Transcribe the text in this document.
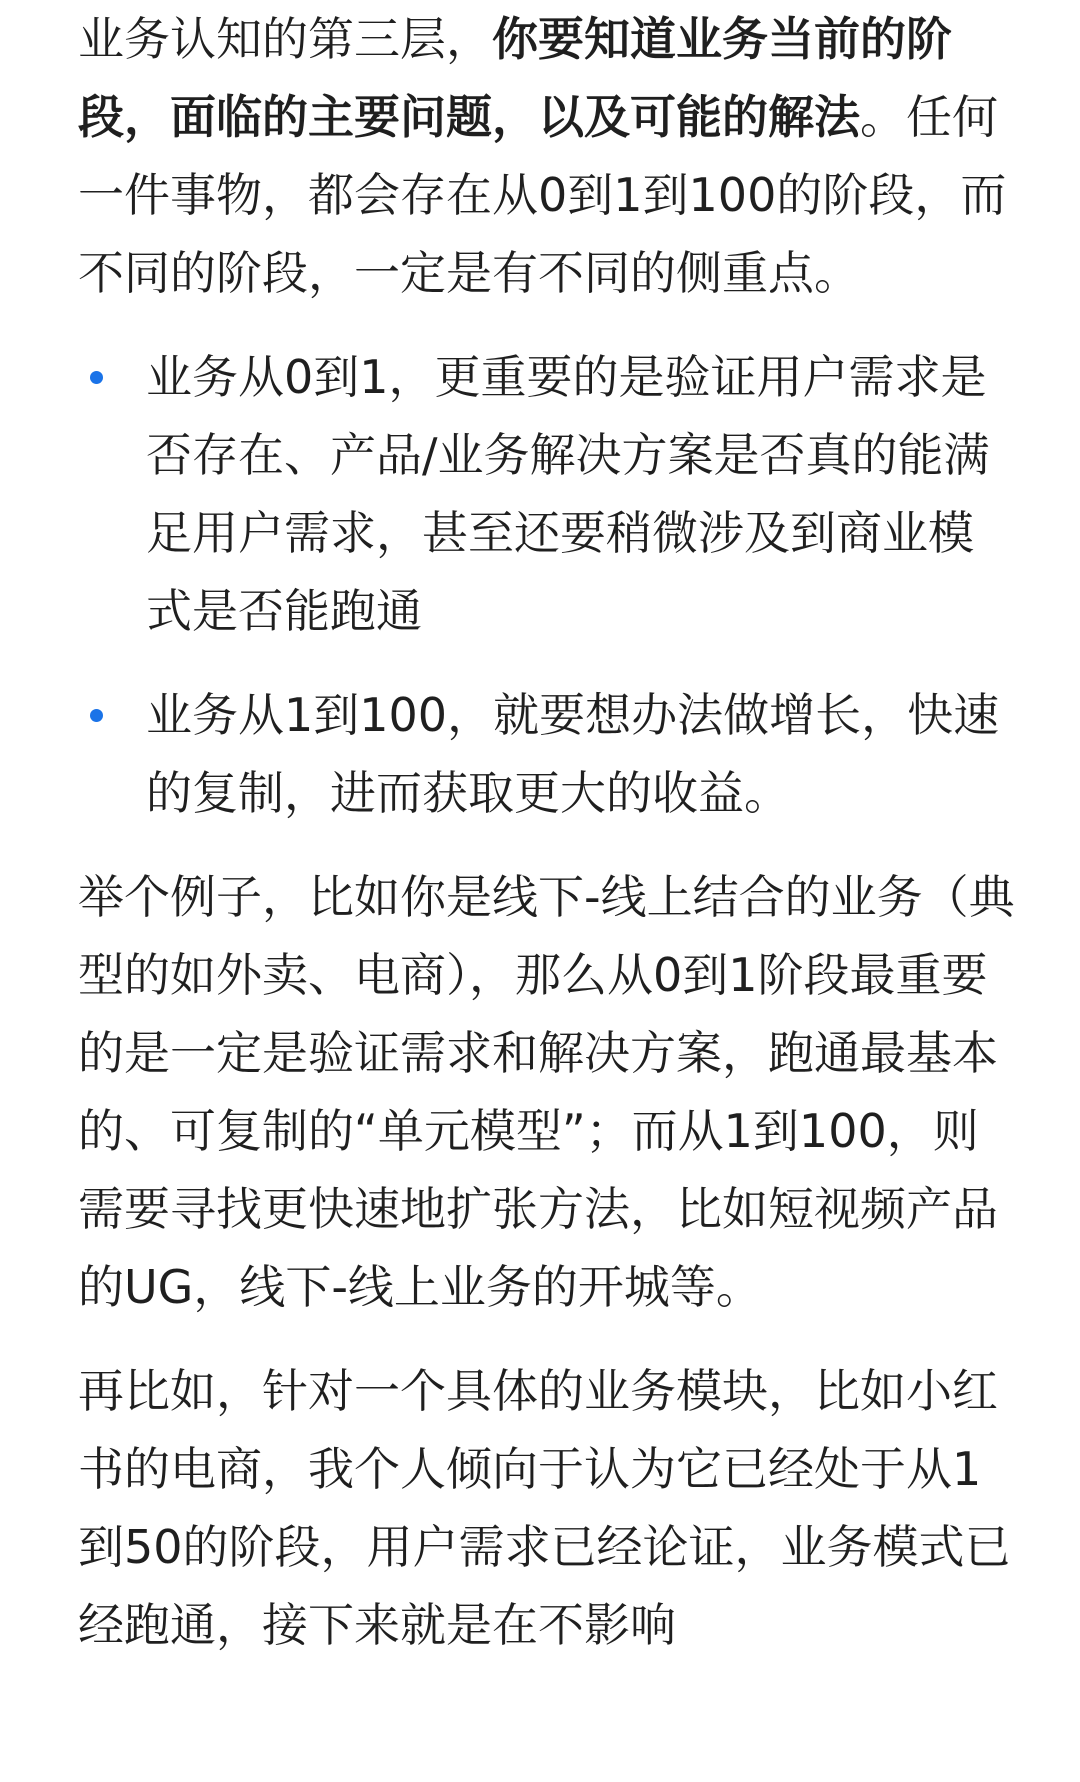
业务认知的第三层，你要知道业务当前的阶段，面临的主要问题，以及可能的解法。任何一件事物，都会存在从0到1到100的阶段，而不同的阶段，一定是有不同的侧重点。

业务从0到1，更重要的是验证用户需求是否存在、产品/业务解决方案是否真的能满足用户需求，甚至还要稍微涉及到商业模式是否能跑通
业务从1到100，就要想办法做增长，快速的复制，进而获取更大的收益。

举个例子，比如你是线下-线上结合的业务（典型的如外卖、电商），那么从0到1阶段最重要的是一定是验证需求和解决方案，跑通最基本的、可复制的“单元模型”；而从1到100，则需要寻找更快速地扩张方法，比如短视频产品的UG，线下-线上业务的开城等。

再比如，针对一个具体的业务模块，比如小红书的电商，我个人倾向于认为它已经处于从1到50的阶段，用户需求已经论证，业务模式已经跑通，接下来就是在不影响
